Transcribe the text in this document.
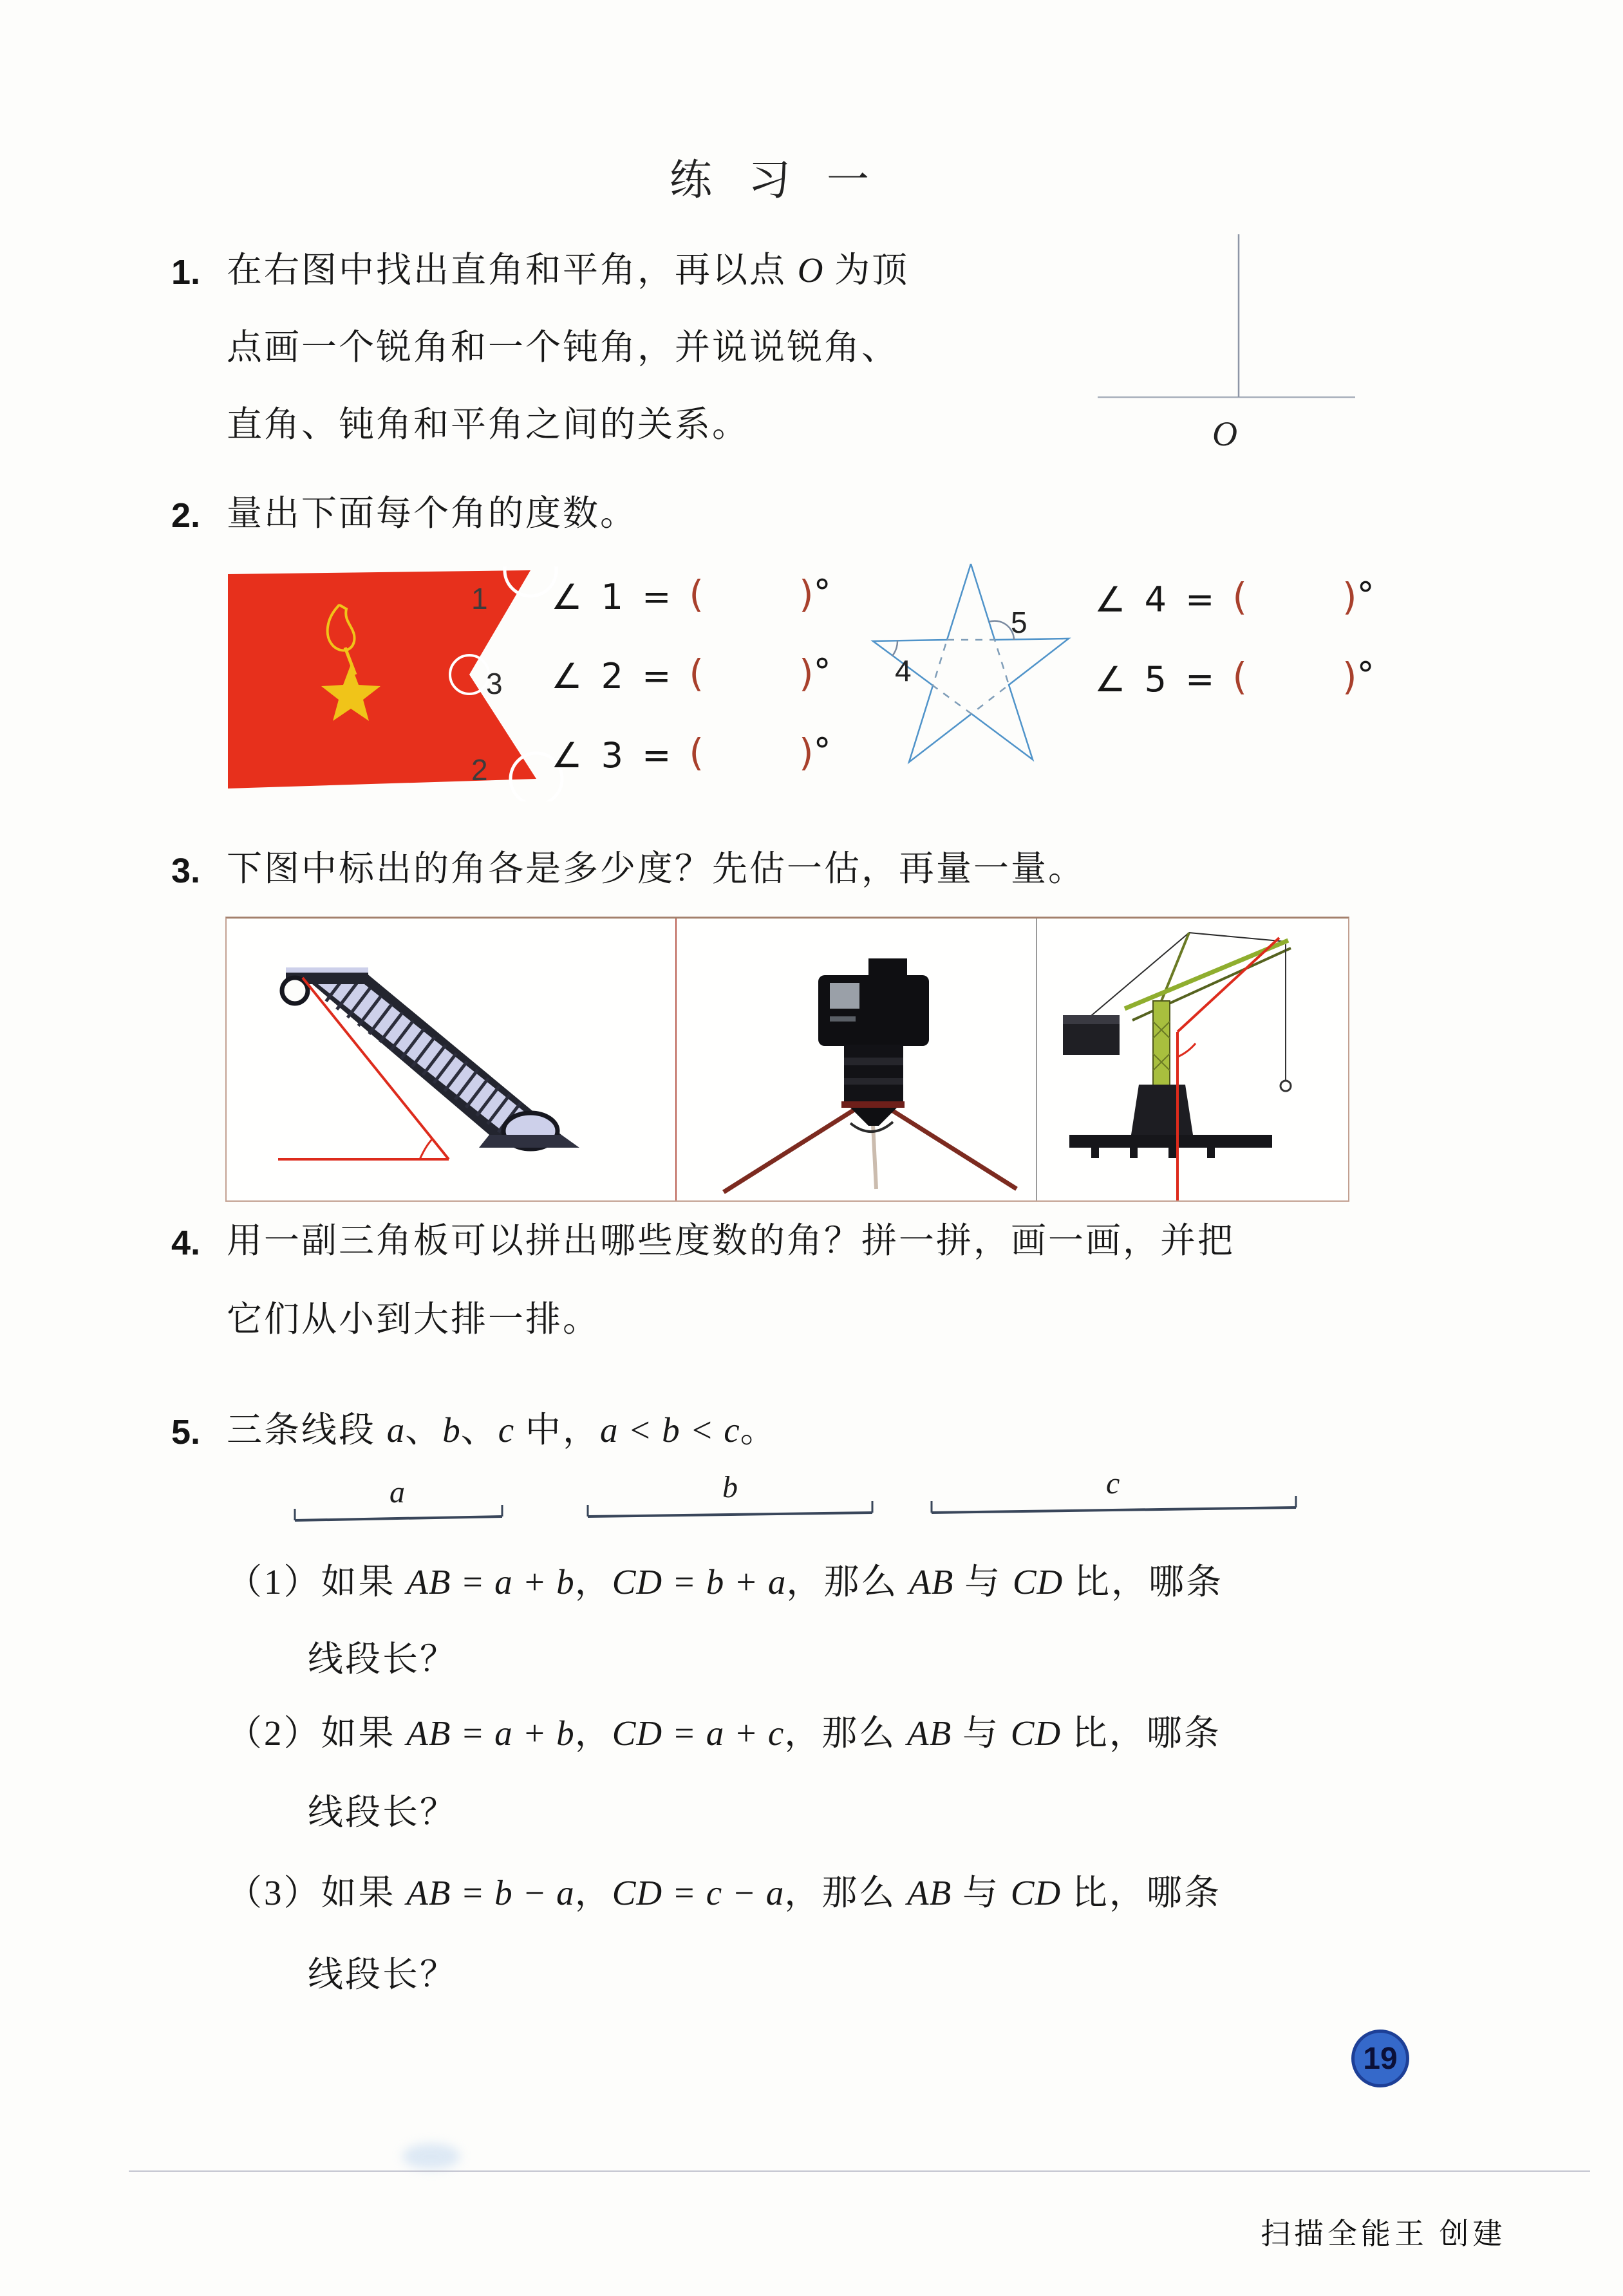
练习一
1. 在右图中找出直角和平角，再以点 O 为顶
点画一个锐角和一个钝角，并说说锐角、
直角、钝角和平角之间的关系。	O
2. 量出下面每个角的度数。
1
3
2
∠ 1 = (	) °
∠ 2 = (	) °
∠ 3 = (	) °
4
5
∠ 4 = (	) °
∠ 5 = (	) °
3. 下图中标出的角各是多少度？先估一估，再量一量。
4. 用一副三角板可以拼出哪些度数的角？拼一拼，画一画，并把
它们从小到大排一排。
5. 三条线段 a、b、c 中，a < b < c。
a	b	c
（1）如果 AB = a + b，CD = b + a，那么 AB 与 CD 比，哪条
线段长？
（2）如果 AB = a + b，CD = a + c，那么 AB 与 CD 比，哪条
线段长？
（3）如果 AB = b − a，CD = c − a，那么 AB 与 CD 比，哪条
线段长？
19
扫描全能王 创建
